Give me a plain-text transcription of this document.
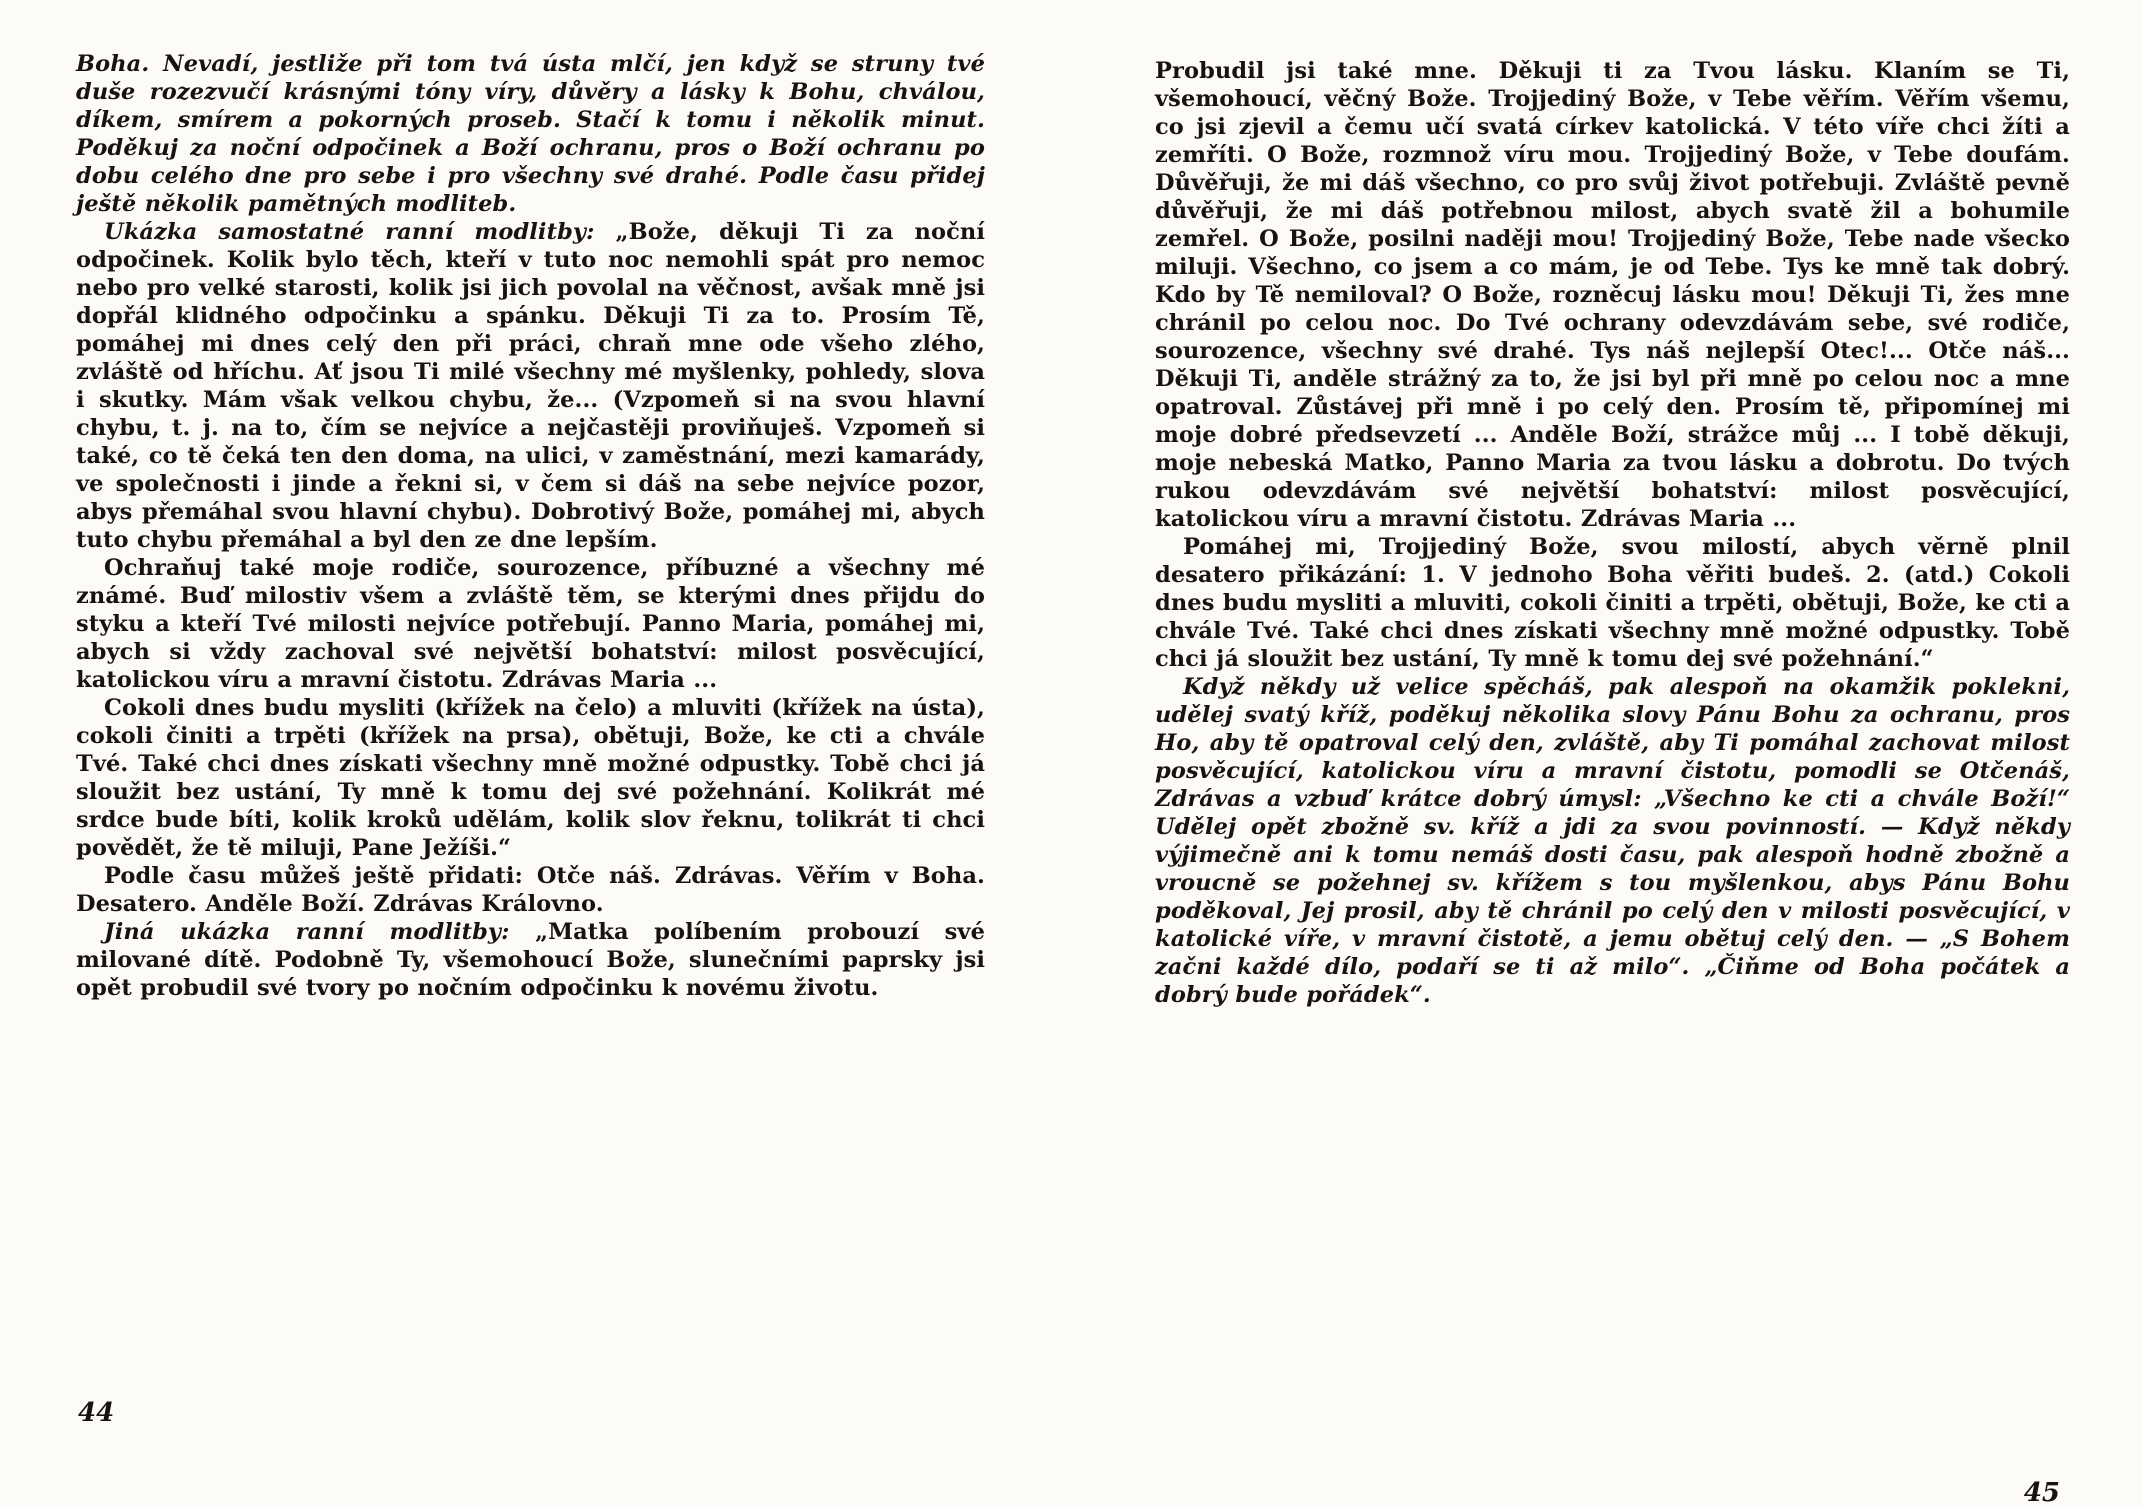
Boha. Nevadí, jestliže při tom tvá ústa mlčí, jen když se struny tvé duše rozezvučí krásnými tóny víry, důvěry a lásky k Bohu, chválou, díkem, smírem a pokorných proseb. Stačí k tomu i několik minut. Poděkuj za noční odpočinek a Boží ochranu, pros o Boží ochranu po dobu celého dne pro sebe i pro všechny své drahé. Podle času přidej ještě několik pamětných modliteb.

Ukázka samostatné ranní modlitby: „Bože, děkuji Ti za noční odpočinek. Kolik bylo těch, kteří v tuto noc nemohli spát pro nemoc nebo pro velké starosti, kolik jsi jich povolal na věčnost, avšak mně jsi dopřál klidného odpočinku a spánku. Děkuji Ti za to. Prosím Tě, pomáhej mi dnes celý den při práci, chraň mne ode všeho zlého, zvláště od hříchu. Ať jsou Ti milé všechny mé myšlenky, pohledy, slova i skutky. Mám však velkou chybu, že... (Vzpomeň si na svou hlavní chybu, t. j. na to, čím se nejvíce a nejčastěji proviňuješ. Vzpomeň si také, co tě čeká ten den doma, na ulici, v zaměstnání, mezi kamarády, ve společnosti i jinde a řekni si, v čem si dáš na sebe nejvíce pozor, abys přemáhal svou hlavní chybu). Dobrotivý Bože, pomáhej mi, abych tuto chybu přemáhal a byl den ze dne lepším.

Ochraňuj také moje rodiče, sourozence, příbuzné a všechny mé známé. Buď milostiv všem a zvláště těm, se kterými dnes přijdu do styku a kteří Tvé milosti nejvíce potřebují. Panno Maria, pomáhej mi, abych si vždy zachoval své největší bohatství: milost posvěcující, katolickou víru a mravní čistotu. Zdrávas Maria ...

Cokoli dnes budu mysliti (křížek na čelo) a mluviti (křížek na ústa), cokoli činiti a trpěti (křížek na prsa), obětuji, Bože, ke cti a chvále Tvé. Také chci dnes získati všechny mně možné odpustky. Tobě chci já sloužit bez ustání, Ty mně k tomu dej své požehnání. Kolikrát mé srdce bude bíti, kolik kroků udělám, kolik slov řeknu, tolikrát ti chci povědět, že tě miluji, Pane Ježíši.“

Podle času můžeš ještě přidati: Otče náš. Zdrávas. Věřím v Boha. Desatero. Anděle Boží. Zdrávas Královno.

Jiná ukázka ranní modlitby: „Matka políbením probouzí své milované dítě. Podobně Ty, všemohoucí Bože, slunečními paprsky jsi opět probudil své tvory po nočním odpočinku k novému životu.

44

Probudil jsi také mne. Děkuji ti za Tvou lásku. Klaním se Ti, všemohoucí, věčný Bože. Trojjediný Bože, v Tebe věřím. Věřím všemu, co jsi zjevil a čemu učí svatá církev katolická. V této víře chci žíti a zemříti. O Bože, rozmnož víru mou. Trojjediný Bože, v Tebe doufám. Důvěřuji, že mi dáš všechno, co pro svůj život potřebuji. Zvláště pevně důvěřuji, že mi dáš potřebnou milost, abych svatě žil a bohumile zemřel. O Bože, posilni naději mou! Trojjediný Bože, Tebe nade všecko miluji. Všechno, co jsem a co mám, je od Tebe. Tys ke mně tak dobrý. Kdo by Tě nemiloval? O Bože, rozněcuj lásku mou! Děkuji Ti, žes mne chránil po celou noc. Do Tvé ochrany odevzdávám sebe, své rodiče, sourozence, všechny své drahé. Tys náš nejlepší Otec!... Otče náš... Děkuji Ti, anděle strážný za to, že jsi byl při mně po celou noc a mne opatroval. Zůstávej při mně i po celý den. Prosím tě, připomínej mi moje dobré předsevzetí ... Anděle Boží, strážce můj ... I tobě děkuji, moje nebeská Matko, Panno Maria za tvou lásku a dobrotu. Do tvých rukou odevzdávám své největší bohatství: milost posvěcující, katolickou víru a mravní čistotu. Zdrávas Maria ...

Pomáhej mi, Trojjediný Bože, svou milostí, abych věrně plnil desatero přikázání: 1. V jednoho Boha věřiti budeš. 2. (atd.) Cokoli dnes budu mysliti a mluviti, cokoli činiti a trpěti, obětuji, Bože, ke cti a chvále Tvé. Také chci dnes získati všechny mně možné odpustky. Tobě chci já sloužit bez ustání, Ty mně k tomu dej své požehnání.“

Když někdy už velice spěcháš, pak alespoň na okamžik poklekni, udělej svatý kříž, poděkuj několika slovy Pánu Bohu za ochranu, pros Ho, aby tě opatroval celý den, zvláště, aby Ti pomáhal zachovat milost posvěcující, katolickou víru a mravní čistotu, pomodli se Otčenáš, Zdrávas a vzbuď krátce dobrý úmysl: „Všechno ke cti a chvále Boží!“ Udělej opět zbožně sv. kříž a jdi za svou povinností. — Když někdy výjimečně ani k tomu nemáš dosti času, pak alespoň hodně zbožně a vroucně se požehnej sv. křížem s tou myšlenkou, abys Pánu Bohu poděkoval, Jej prosil, aby tě chránil po celý den v milosti posvěcující, v katolické víře, v mravní čistotě, a jemu obětuj celý den. — „S Bohem začni každé dílo, podaří se ti až milo“. „Čiňme od Boha počátek a dobrý bude pořádek“.

45
